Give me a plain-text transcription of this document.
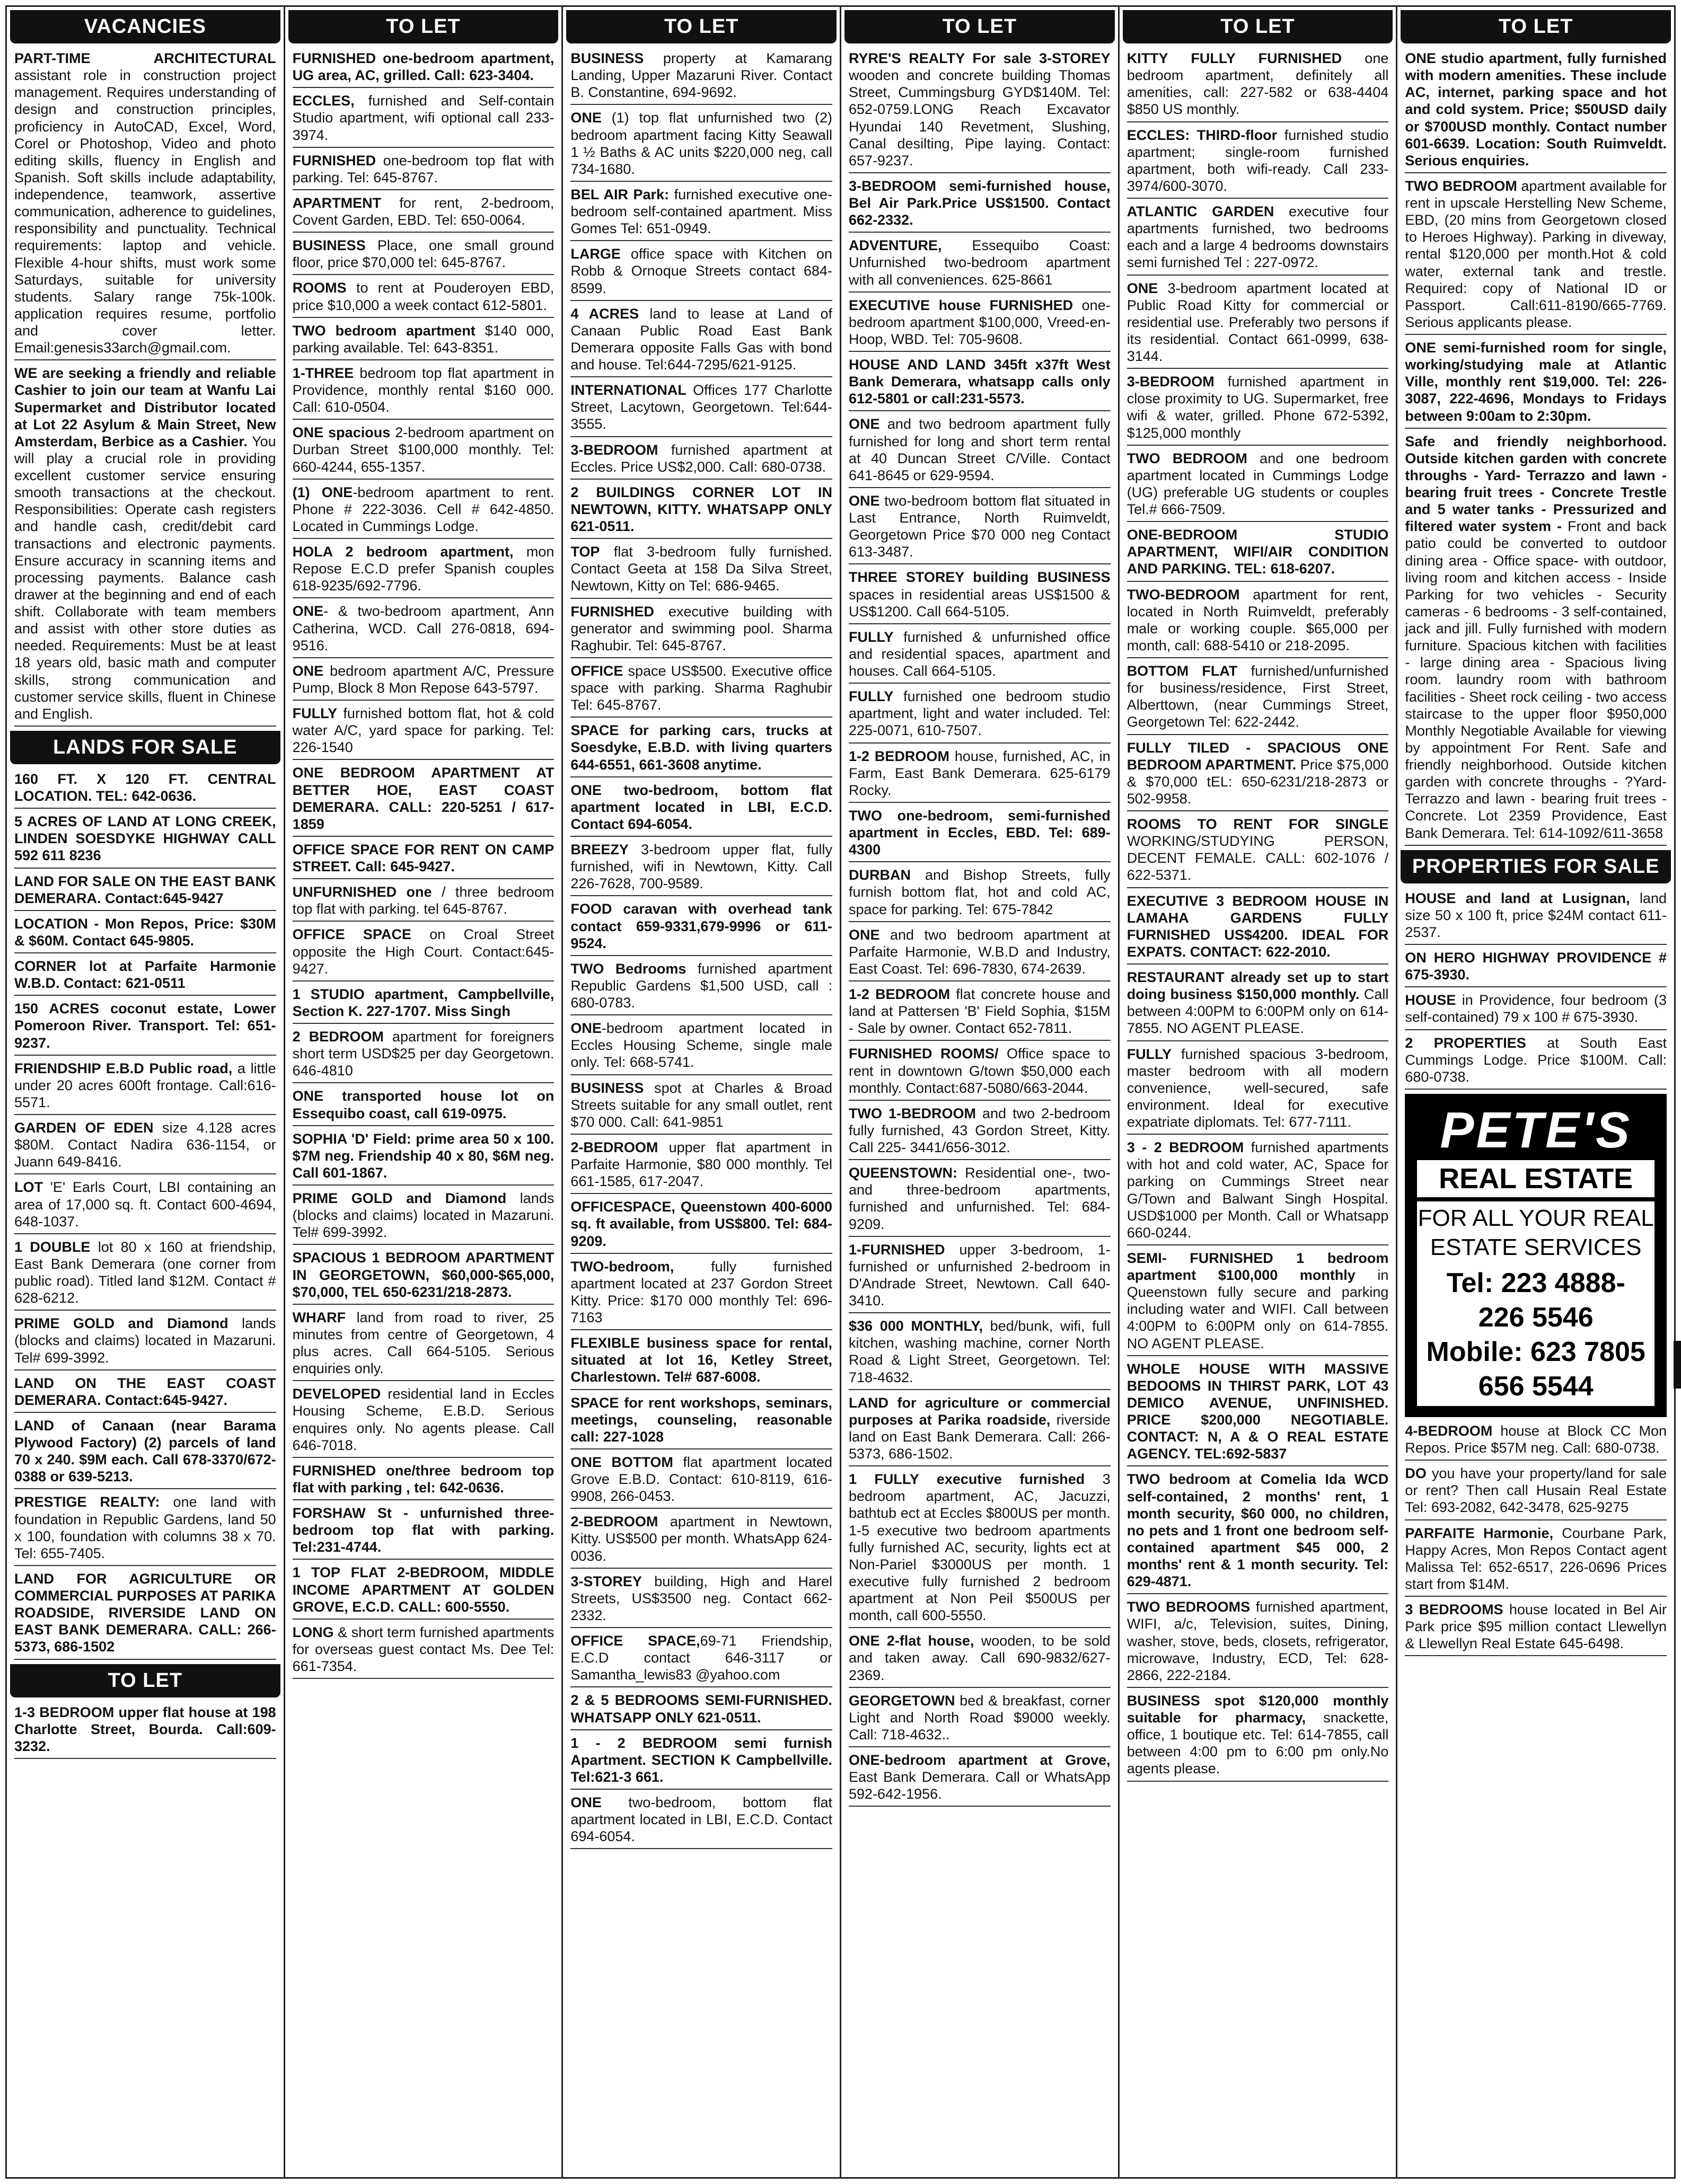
VACANCIES
PART-TIME ARCHITECTURAL assistant role in construction project management. Requires understanding of design and construction principles, proficiency in AutoCAD, Excel, Word, Corel or Photoshop, Video and photo editing skills, fluency in English and Spanish. Soft skills include adaptability, independence, teamwork, assertive communication, adherence to guidelines, responsibility and punctuality. Technical requirements: laptop and vehicle. Flexible 4-hour shifts, must work some Saturdays, suitable for university students. Salary range 75k-100k. application requires resume, portfolio and cover letter. Email:genesis33arch@gmail.com.
WE are seeking a friendly and reliable Cashier to join our team at Wanfu Lai Supermarket and Distributor located at Lot 22 Asylum & Main Street, New Amsterdam, Berbice as a Cashier. You will play a crucial role in providing excellent customer service ensuring smooth transactions at the checkout. Responsibilities: Operate cash registers and handle cash, credit/debit card transactions and electronic payments. Ensure accuracy in scanning items and processing payments. Balance cash drawer at the beginning and end of each shift. Collaborate with team members and assist with other store duties as needed. Requirements: Must be at least 18 years old, basic math and computer skills, strong communication and customer service skills, fluent in Chinese and English.
LANDS FOR SALE
160 FT. X 120 FT. CENTRAL LOCATION. TEL: 642-0636.
5 ACRES OF LAND AT LONG CREEK, LINDEN SOESDYKE HIGHWAY CALL 592 611 8236
LAND FOR SALE ON THE EAST BANK DEMERARA. Contact:645-9427
LOCATION - Mon Repos, Price: $30M & $60M. Contact 645-9805.
CORNER lot at Parfaite Harmonie W.B.D. Contact: 621-0511
150 ACRES coconut estate, Lower Pomeroon River. Transport. Tel: 651-9237.
FRIENDSHIP E.B.D Public road, a little under 20 acres 600ft frontage. Call:616-5571.
GARDEN OF EDEN size 4.128 acres $80M. Contact Nadira 636-1154, or Juann 649-8416.
LOT 'E' Earls Court, LBI containing an area of 17,000 sq. ft. Contact 600-4694, 648-1037.
1 DOUBLE lot 80 x 160 at friendship, East Bank Demerara (one corner from public road). Titled land $12M. Contact # 628-6212.
PRIME GOLD and Diamond lands (blocks and claims) located in Mazaruni. Tel# 699-3992.
LAND ON THE EAST COAST DEMERARA. Contact:645-9427.
LAND of Canaan (near Barama Plywood Factory) (2) parcels of land 70 x 240. $9M each. Call 678-3370/672-0388 or 639-5213.
PRESTIGE REALTY: one land with foundation in Republic Gardens, land 50 x 100, foundation with columns 38 x 70. Tel: 655-7405.
LAND FOR AGRICULTURE OR COMMERCIAL PURPOSES AT PARIKA ROADSIDE, RIVERSIDE LAND ON EAST BANK DEMERARA. CALL: 266-5373, 686-1502
TO LET
1-3 BEDROOM upper flat house at 198 Charlotte Street, Bourda. Call:609-3232.
TO LET
FURNISHED one-bedroom apartment, UG area, AC, grilled. Call: 623-3404.
ECCLES, furnished and Self-contain Studio apartment, wifi optional call 233-3974.
FURNISHED one-bedroom top flat with parking. Tel: 645-8767.
APARTMENT for rent, 2-bedroom, Covent Garden, EBD. Tel: 650-0064.
BUSINESS Place, one small ground floor, price $70,000 tel: 645-8767.
ROOMS to rent at Pouderoyen EBD, price $10,000 a week contact 612-5801.
TWO bedroom apartment $140 000, parking available. Tel: 643-8351.
1-THREE bedroom top flat apartment in Providence, monthly rental $160 000. Call: 610-0504.
ONE spacious 2-bedroom apartment on Durban Street $100,000 monthly. Tel: 660-4244, 655-1357.
(1) ONE-bedroom apartment to rent. Phone # 222-3036. Cell # 642-4850. Located in Cummings Lodge.
HOLA 2 bedroom apartment, mon Repose E.C.D prefer Spanish couples 618-9235/692-7796.
ONE- & two-bedroom apartment, Ann Catherina, WCD. Call 276-0818, 694-9516.
ONE bedroom apartment A/C, Pressure Pump, Block 8 Mon Repose 643-5797.
FULLY furnished bottom flat, hot & cold water A/C, yard space for parking. Tel: 226-1540
ONE BEDROOM APARTMENT AT BETTER HOE, EAST COAST DEMERARA. CALL: 220-5251 / 617-1859
OFFICE SPACE FOR RENT ON CAMP STREET. Call: 645-9427.
UNFURNISHED one / three bedroom top flat with parking. tel 645-8767.
OFFICE SPACE on Croal Street opposite the High Court. Contact:645-9427.
1 STUDIO apartment, Campbellville, Section K. 227-1707. Miss Singh
2 BEDROOM apartment for foreigners short term USD$25 per day Georgetown. 646-4810
ONE transported house lot on Essequibo coast, call 619-0975.
SOPHIA 'D' Field: prime area 50 x 100. $7M neg. Friendship 40 x 80, $6M neg. Call 601-1867.
PRIME GOLD and Diamond lands (blocks and claims) located in Mazaruni. Tel# 699-3992.
SPACIOUS 1 BEDROOM APARTMENT IN GEORGETOWN, $60,000-$65,000, $70,000, TEL 650-6231/218-2873.
WHARF land from road to river, 25 minutes from centre of Georgetown, 4 plus acres. Call 664-5105. Serious enquiries only.
DEVELOPED residential land in Eccles Housing Scheme, E.B.D. Serious enquires only. No agents please. Call 646-7018.
FURNISHED one/three bedroom top flat with parking , tel: 642-0636.
FORSHAW St - unfurnished three-bedroom top flat with parking. Tel:231-4744.
1 TOP FLAT 2-BEDROOM, MIDDLE INCOME APARTMENT AT GOLDEN GROVE, E.C.D. CALL: 600-5550.
LONG & short term furnished apartments for overseas guest contact Ms. Dee Tel: 661-7354.
TO LET
BUSINESS property at Kamarang Landing, Upper Mazaruni River. Contact B. Constantine, 694-9692.
ONE (1) top flat unfurnished two (2) bedroom apartment facing Kitty Seawall 1 ½ Baths & AC units $220,000 neg, call 734-1680.
BEL AIR Park: furnished executive one-bedroom self-contained apartment. Miss Gomes Tel: 651-0949.
LARGE office space with Kitchen on Robb & Ornoque Streets contact 684-8599.
4 ACRES land to lease at Land of Canaan Public Road East Bank Demerara opposite Falls Gas with bond and house. Tel:644-7295/621-9125.
INTERNATIONAL Offices 177 Charlotte Street, Lacytown, Georgetown. Tel:644-3555.
3-BEDROOM furnished apartment at Eccles. Price US$2,000. Call: 680-0738.
2 BUILDINGS CORNER LOT IN NEWTOWN, KITTY. WHATSAPP ONLY 621-0511.
TOP flat 3-bedroom fully furnished. Contact Geeta at 158 Da Silva Street, Newtown, Kitty on Tel: 686-9465.
FURNISHED executive building with generator and swimming pool. Sharma Raghubir. Tel: 645-8767.
OFFICE space US$500. Executive office space with parking. Sharma Raghubir Tel: 645-8767.
SPACE for parking cars, trucks at Soesdyke, E.B.D. with living quarters 644-6551, 661-3608 anytime.
ONE two-bedroom, bottom flat apartment located in LBI, E.C.D. Contact 694-6054.
BREEZY 3-bedroom upper flat, fully furnished, wifi in Newtown, Kitty. Call 226-7628, 700-9589.
FOOD caravan with overhead tank contact 659-9331,679-9996 or 611-9524.
TWO Bedrooms furnished apartment Republic Gardens $1,500 USD, call : 680-0783.
ONE-bedroom apartment located in Eccles Housing Scheme, single male only. Tel: 668-5741.
BUSINESS spot at Charles & Broad Streets suitable for any small outlet, rent $70 000. Call: 641-9851
2-BEDROOM upper flat apartment in Parfaite Harmonie, $80 000 monthly. Tel 661-1585, 617-2047.
OFFICESPACE, Queenstown 400-6000 sq. ft available, from US$800. Tel: 684-9209.
TWO-bedroom, fully furnished apartment located at 237 Gordon Street Kitty. Price: $170 000 monthly Tel: 696-7163
FLEXIBLE business space for rental, situated at lot 16, Ketley Street, Charlestown. Tel# 687-6008.
SPACE for rent workshops, seminars, meetings, counseling, reasonable call: 227-1028
ONE BOTTOM flat apartment located Grove E.B.D. Contact: 610-8119, 616-9908, 266-0453.
2-BEDROOM apartment in Newtown, Kitty. US$500 per month. WhatsApp 624-0036.
3-STOREY building, High and Harel Streets, US$3500 neg. Contact 662-2332.
OFFICE SPACE,69-71 Friendship, E.C.D contact 646-3117 or Samantha_lewis83 @yahoo.com
2 & 5 BEDROOMS SEMI-FURNISHED. WHATSAPP ONLY 621-0511.
1 - 2 BEDROOM semi furnish Apartment. SECTION K Campbellville. Tel:621-3 661.
ONE two-bedroom, bottom flat apartment located in LBI, E.C.D. Contact 694-6054.
TO LET
RYRE'S REALTY For sale 3-STOREY wooden and concrete building Thomas Street, Cummingsburg GYD$140M. Tel: 652-0759.LONG Reach Excavator Hyundai 140 Revetment, Slushing, Canal desilting, Pipe laying. Contact: 657-9237.
3-BEDROOM semi-furnished house, Bel Air Park.Price US$1500. Contact 662-2332.
ADVENTURE, Essequibo Coast: Unfurnished two-bedroom apartment with all conveniences. 625-8661
EXECUTIVE house FURNISHED one-bedroom apartment $100,000, Vreed-en-Hoop, WBD. Tel: 705-9608.
HOUSE AND LAND 345ft x37ft West Bank Demerara, whatsapp calls only 612-5801 or call:231-5573.
ONE and two bedroom apartment fully furnished for long and short term rental at 40 Duncan Street C/Ville. Contact 641-8645 or 629-9594.
ONE two-bedroom bottom flat situated in Last Entrance, North Ruimveldt, Georgetown Price $70 000 neg Contact 613-3487.
THREE STOREY building BUSINESS spaces in residential areas US$1500 & US$1200. Call 664-5105.
FULLY furnished & unfurnished office and residential spaces, apartment and houses. Call 664-5105.
FULLY furnished one bedroom studio apartment, light and water included. Tel: 225-0071, 610-7507.
1-2 BEDROOM house, furnished, AC, in Farm, East Bank Demerara. 625-6179 Rocky.
TWO one-bedroom, semi-furnished apartment in Eccles, EBD. Tel: 689-4300
DURBAN and Bishop Streets, fully furnish bottom flat, hot and cold AC, space for parking. Tel: 675-7842
ONE and two bedroom apartment at Parfaite Harmonie, W.B.D and Industry, East Coast. Tel: 696-7830, 674-2639.
1-2 BEDROOM flat concrete house and land at Pattersen 'B' Field Sophia, $15M - Sale by owner. Contact 652-7811.
FURNISHED ROOMS/ Office space to rent in downtown G/town $50,000 each monthly. Contact:687-5080/663-2044.
TWO 1-BEDROOM and two 2-bedroom fully furnished, 43 Gordon Street, Kitty. Call 225- 3441/656-3012.
QUEENSTOWN: Residential one-, two- and three-bedroom apartments, furnished and unfurnished. Tel: 684-9209.
1-FURNISHED upper 3-bedroom, 1-furnished or unfurnished 2-bedroom in D'Andrade Street, Newtown. Call 640-3410.
$36 000 MONTHLY, bed/bunk, wifi, full kitchen, washing machine, corner North Road & Light Street, Georgetown. Tel: 718-4632.
LAND for agriculture or commercial purposes at Parika roadside, riverside land on East Bank Demerara. Call: 266-5373, 686-1502.
1 FULLY executive furnished 3 bedroom apartment, AC, Jacuzzi, bathtub ect at Eccles $800US per month. 1-5 executive two bedroom apartments fully furnished AC, security, lights ect at Non-Pariel $3000US per month. 1 executive fully furnished 2 bedroom apartment at Non Peil $500US per month, call 600-5550.
ONE 2-flat house, wooden, to be sold and taken away. Call 690-9832/627-2369.
GEORGETOWN bed & breakfast, corner Light and North Road $9000 weekly. Call: 718-4632..
ONE-bedroom apartment at Grove, East Bank Demerara. Call or WhatsApp 592-642-1956.
TO LET
KITTY FULLY FURNISHED one bedroom apartment, definitely all amenities, call: 227-582 or 638-4404 $850 US monthly.
ECCLES: THIRD-floor furnished studio apartment; single-room furnished apartment, both wifi-ready. Call 233-3974/600-3070.
ATLANTIC GARDEN executive four apartments furnished, two bedrooms each and a large 4 bedrooms downstairs semi furnished Tel : 227-0972.
ONE 3-bedroom apartment located at Public Road Kitty for commercial or residential use. Preferably two persons if its residential. Contact 661-0999, 638-3144.
3-BEDROOM furnished apartment in close proximity to UG. Supermarket, free wifi & water, grilled. Phone 672-5392, $125,000 monthly
TWO BEDROOM and one bedroom apartment located in Cummings Lodge (UG) preferable UG students or couples Tel.# 666-7509.
ONE-BEDROOM STUDIO APARTMENT, WIFI/AIR CONDITION AND PARKING. TEL: 618-6207.
TWO-BEDROOM apartment for rent, located in North Ruimveldt, preferably male or working couple. $65,000 per month, call: 688-5410 or 218-2095.
BOTTOM FLAT furnished/unfurnished for business/residence, First Street, Alberttown, (near Cummings Street, Georgetown Tel: 622-2442.
FULLY TILED - SPACIOUS ONE BEDROOM APARTMENT. Price $75,000 & $70,000 tEL: 650-6231/218-2873 or 502-9958.
ROOMS TO RENT FOR SINGLE WORKING/STUDYING PERSON, DECENT FEMALE. CALL: 602-1076 / 622-5371.
EXECUTIVE 3 BEDROOM HOUSE IN LAMAHA GARDENS FULLY FURNISHED US$4200. IDEAL FOR EXPATS. CONTACT: 622-2010.
RESTAURANT already set up to start doing business $150,000 monthly. Call between 4:00PM to 6:00PM only on 614-7855. NO AGENT PLEASE.
FULLY furnished spacious 3-bedroom, master bedroom with all modern convenience, well-secured, safe environment. Ideal for executive expatriate diplomats. Tel: 677-7111.
3 - 2 BEDROOM furnished apartments with hot and cold water, AC, Space for parking on Cummings Street near G/Town and Balwant Singh Hospital. USD$1000 per Month. Call or Whatsapp 660-0244.
SEMI- FURNISHED 1 bedroom apartment $100,000 monthly in Queenstown fully secure and parking including water and WIFI. Call between 4:00PM to 6:00PM only on 614-7855. NO AGENT PLEASE.
WHOLE HOUSE WITH MASSIVE BEDOOMS IN THIRST PARK, LOT 43 DEMICO AVENUE, UNFINISHED. PRICE $200,000 NEGOTIABLE. CONTACT: N, A & O REAL ESTATE AGENCY. TEL:692-5837
TWO bedroom at Comelia Ida WCD self-contained, 2 months' rent, 1 month security, $60 000, no children, no pets and 1 front one bedroom self-contained apartment $45 000, 2 months' rent & 1 month security. Tel: 629-4871.
TWO BEDROOMS furnished apartment, WIFI, a/c, Television, suites, Dining, washer, stove, beds, closets, refrigerator, microwave, Industry, ECD, Tel: 628-2866, 222-2184.
BUSINESS spot $120,000 monthly suitable for pharmacy, snackette, office, 1 boutique etc. Tel: 614-7855, call between 4:00 pm to 6:00 pm only.No agents please.
TO LET
ONE studio apartment, fully furnished with modern amenities. These include AC, internet, parking space and hot and cold system. Price; $50USD daily or $700USD monthly. Contact number 601-6639. Location: South Ruimveldt. Serious enquiries.
TWO BEDROOM apartment available for rent in upscale Herstelling New Scheme, EBD, (20 mins from Georgetown closed to Heroes Highway). Parking in diveway, rental $120,000 per month.Hot & cold water, external tank and trestle. Required: copy of National ID or Passport. Call:611-8190/665-7769. Serious applicants please.
ONE semi-furnished room for single, working/studying male at Atlantic Ville, monthly rent $19,000. Tel: 226-3087, 222-4696, Mondays to Fridays between 9:00am to 2:30pm.
Safe and friendly neighborhood. Outside kitchen garden with concrete throughs - Yard- Terrazzo and lawn - bearing fruit trees - Concrete Trestle and 5 water tanks - Pressurized and filtered water system - Front and back patio could be converted to outdoor dining area - Office space- with outdoor, living room and kitchen access - Inside Parking for two vehicles - Security cameras - 6 bedrooms - 3 self-contained, jack and jill. Fully furnished with modern furniture. Spacious kitchen with facilities - large dining area - Spacious living room. laundry room with bathroom facilities - Sheet rock ceiling - two access staircase to the upper floor $950,000 Monthly Negotiable Available for viewing by appointment For Rent. Safe and friendly neighborhood. Outside kitchen garden with concrete throughs - ?Yard- Terrazzo and lawn - bearing fruit trees - Concrete. Lot 2359 Providence, East Bank Demerara. Tel: 614-1092/611-3658
PROPERTIES FOR SALE
HOUSE and land at Lusignan, land size 50 x 100 ft, price $24M contact 611-2537.
ON HERO HIGHWAY PROVIDENCE # 675-3930.
HOUSE in Providence, four bedroom (3 self-contained) 79 x 100 # 675-3930.
2 PROPERTIES at South East Cummings Lodge. Price $100M. Call: 680-0738.
PETE'S
REAL ESTATE
FOR ALL YOUR REAL ESTATE SERVICES
Tel: 223 4888-
226 5546
Mobile: 623 7805
656 5544
4-BEDROOM house at Block CC Mon Repos. Price $57M neg. Call: 680-0738.
DO you have your property/land for sale or rent? Then call Husain Real Estate Tel: 693-2082, 642-3478, 625-9275
PARFAITE Harmonie, Courbane Park, Happy Acres, Mon Repos Contact agent Malissa Tel: 652-6517, 226-0696 Prices start from $14M.
3 BEDROOMS house located in Bel Air Park price $95 million contact Llewellyn & Llewellyn Real Estate 645-6498.
